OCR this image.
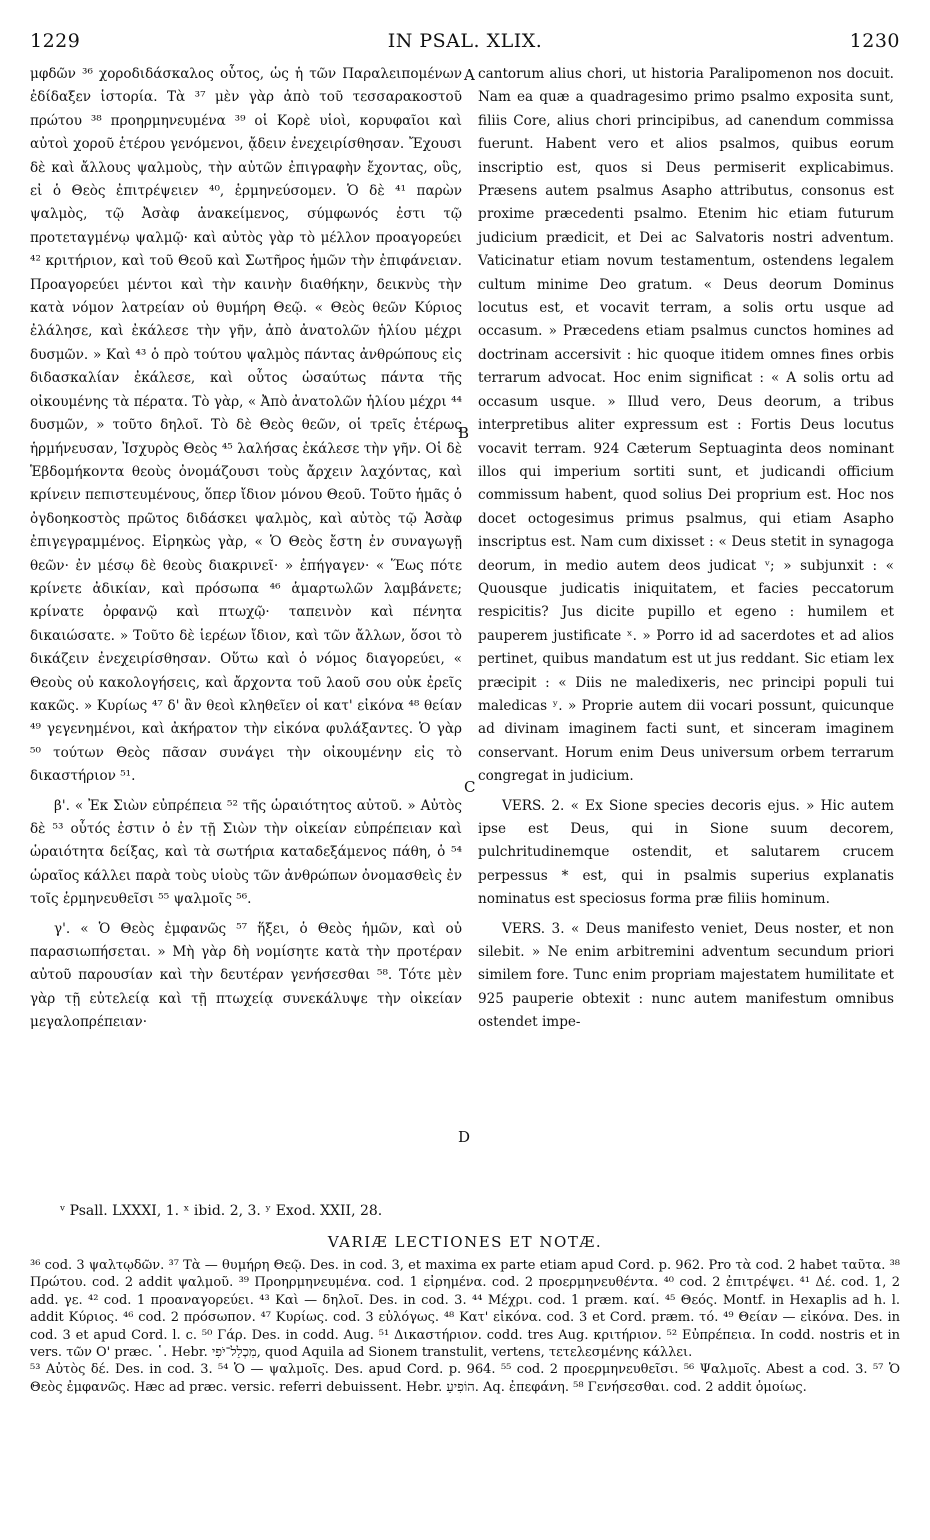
1229	IN PSAL. XLIX.	1230

μφδῶν ³⁶ χοροδιδάσκαλος οὗτος, ὡς ἡ τῶν Παραλειπομένων ἐδίδαξεν ἱστορία. Τὰ ³⁷ μὲν γὰρ ἀπὸ τοῦ τεσσαρακοστοῦ πρώτου ³⁸ προηρμηνευμένα ³⁹ οἱ Κορὲ υἱοὶ, κορυφαῖοι καὶ αὐτοὶ χοροῦ ἑτέρου γενόμενοι, ᾄδειν ἐνεχειρίσθησαν. Ἔχουσι δὲ καὶ ἄλλους ψαλμοὺς, τὴν αὐτῶν ἐπιγραφὴν ἔχοντας, οὓς, εἰ ὁ Θεὸς ἐπιτρέψειεν ⁴⁰, ἑρμηνεύσομεν. Ὁ δὲ ⁴¹ παρὼν ψαλμὸς, τῷ Ἀσὰφ ἀνακείμενος, σύμφωνός ἐστι τῷ προτεταγμένῳ ψαλμῷ· καὶ αὐτὸς γὰρ τὸ μέλλον προαγορεύει ⁴² κριτήριον, καὶ τοῦ Θεοῦ καὶ Σωτῆρος ἡμῶν τὴν ἐπιφάνειαν. Προαγορεύει μέντοι καὶ τὴν καινὴν διαθήκην, δεικνὺς τὴν κατὰ νόμον λατρείαν οὐ θυμήρη Θεῷ. « Θεὸς θεῶν Κύριος ἐλάλησε, καὶ ἐκάλεσε τὴν γῆν, ἀπὸ ἀνατολῶν ἡλίου μέχρι δυσμῶν. » Καὶ ⁴³ ὁ πρὸ τούτου ψαλμὸς πάντας ἀνθρώπους εἰς διδασκαλίαν ἐκάλεσε, καὶ οὗτος ὡσαύτως πάντα τῆς οἰκουμένης τὰ πέρατα. Τὸ γὰρ, « Ἀπὸ ἀνατολῶν ἡλίου μέχρι ⁴⁴ δυσμῶν, » τοῦτο δηλοῖ. Τὸ δὲ Θεὸς θεῶν, οἱ τρεῖς ἑτέρως ἡρμήνευσαν, Ἰσχυρὸς Θεὸς ⁴⁵ λαλήσας ἐκάλεσε τὴν γῆν. Οἱ δὲ Ἑβδομήκοντα θεοὺς ὀνομάζουσι τοὺς ἄρχειν λαχόντας, καὶ κρίνειν πεπιστευμένους, ὅπερ ἴδιον μόνου Θεοῦ. Τοῦτο ἡμᾶς ὁ ὀγδοηκοστὸς πρῶτος διδάσκει ψαλμὸς, καὶ αὐτὸς τῷ Ἀσὰφ ἐπιγεγραμμένος. Εἰρηκὼς γὰρ, « Ὁ Θεὸς ἔστη ἐν συναγωγῇ θεῶν· ἐν μέσῳ δὲ θεοὺς διακρινεῖ· » ἐπήγαγεν· « Ἕως πότε κρίνετε ἀδικίαν, καὶ πρόσωπα ⁴⁶ ἁμαρτωλῶν λαμβάνετε; κρίνατε ὀρφανῷ καὶ πτωχῷ· ταπεινὸν καὶ πένητα δικαιώσατε. » Τοῦτο δὲ ἱερέων ἴδιον, καὶ τῶν ἄλλων, ὅσοι τὸ δικάζειν ἐνεχειρίσθησαν. Οὕτω καὶ ὁ νόμος διαγορεύει, « Θεοὺς οὐ κακολογήσεις, καὶ ἄρχοντα τοῦ λαοῦ σου οὐκ ἐρεῖς κακῶς. » Κυρίως ⁴⁷ δ' ἂν θεοὶ κληθεῖεν οἱ κατ' εἰκόνα ⁴⁸ θείαν ⁴⁹ γεγενημένοι, καὶ ἀκήρατον τὴν εἰκόνα φυλάξαντες. Ὁ γὰρ ⁵⁰ τούτων Θεὸς πᾶσαν συνάγει τὴν οἰκουμένην εἰς τὸ δικαστήριον ⁵¹.

β'. « Ἐκ Σιὼν εὐπρέπεια ⁵² τῆς ὡραιότητος αὐτοῦ. » Αὐτὸς δὲ ⁵³ οὗτός ἐστιν ὁ ἐν τῇ Σιὼν τὴν οἰκείαν εὐπρέπειαν καὶ ὡραιότητα δείξας, καὶ τὰ σωτήρια καταδεξάμενος πάθη, ὁ ⁵⁴ ὡραῖος κάλλει παρὰ τοὺς υἱοὺς τῶν ἀνθρώπων ὀνομασθεὶς ἐν τοῖς ἑρμηνευθεῖσι ⁵⁵ ψαλμοῖς ⁵⁶.

γ'. « Ὁ Θεὸς ἐμφανῶς ⁵⁷ ἥξει, ὁ Θεὸς ἡμῶν, καὶ οὐ παρασιωπήσεται. » Μὴ γὰρ δὴ νομίσητε κατὰ τὴν προτέραν αὐτοῦ παρουσίαν καὶ τὴν δευτέραν γενήσεσθαι ⁵⁸. Τότε μὲν γὰρ τῇ εὐτελείᾳ καὶ τῇ πτωχείᾳ συνεκάλυψε τὴν οἰκείαν μεγαλοπρέπειαν·

A
B
C
D

cantorum alius chori, ut historia Paralipomenon nos docuit. Nam ea quæ a quadragesimo primo psalmo exposita sunt, filiis Core, alius chori principibus, ad canendum commissa fuerunt. Habent vero et alios psalmos, quibus eorum inscriptio est, quos si Deus permiserit explicabimus. Præsens autem psalmus Asapho attributus, consonus est proxime præcedenti psalmo. Etenim hic etiam futurum judicium prædicit, et Dei ac Salvatoris nostri adventum. Vaticinatur etiam novum testamentum, ostendens legalem cultum minime Deo gratum. « Deus deorum Dominus locutus est, et vocavit terram, a solis ortu usque ad occasum. » Præcedens etiam psalmus cunctos homines ad doctrinam accersivit : hic quoque itidem omnes fines orbis terrarum advocat. Hoc enim significat : « A solis ortu ad occasum usque. » Illud vero, Deus deorum, a tribus interpretibus aliter expressum est : Fortis Deus locutus vocavit terram. 924 Cæterum Septuaginta deos nominant illos qui imperium sortiti sunt, et judicandi officium commissum habent, quod solius Dei proprium est. Hoc nos docet octogesimus primus psalmus, qui etiam Asapho inscriptus est. Nam cum dixisset : « Deus stetit in synagoga deorum, in medio autem deos judicat ᵛ; » subjunxit : « Quousque judicatis iniquitatem, et facies peccatorum respicitis? Jus dicite pupillo et egeno : humilem et pauperem justificate ˣ. » Porro id ad sacerdotes et ad alios pertinet, quibus mandatum est ut jus reddant. Sic etiam lex præcipit : « Diis ne maledixeris, nec principi populi tui maledicas ʸ. » Proprie autem dii vocari possunt, quicunque ad divinam imaginem facti sunt, et sinceram imaginem conservant. Horum enim Deus universum orbem terrarum congregat in judicium.

VERS. 2. « Ex Sione species decoris ejus. » Hic autem ipse est Deus, qui in Sione suum decorem, pulchritudinemque ostendit, et salutarem crucem perpessus * est, qui in psalmis superius explanatis nominatus est speciosus forma præ filiis hominum.

VERS. 3. « Deus manifesto veniet, Deus noster, et non silebit. » Ne enim arbitremini adventum secundum priori similem fore. Tunc enim propriam majestatem humilitate et 925 pauperie obtexit : nunc autem manifestum omnibus ostendet impe-

ᵛ Psall. LXXXI, 1. ˣ ibid. 2, 3. ʸ Exod. XXII, 28.
VARIÆ LECTIONES ET NOTÆ.

³⁶ cod. 3 ψαλτῳδῶν. ³⁷ Τὰ — θυμήρη Θεῷ. Des. in cod. 3, et maxima ex parte etiam apud Cord. p. 962. Pro τὰ cod. 2 habet ταῦτα. ³⁸ Πρώτου. cod. 2 addit ψαλμοῦ. ³⁹ Προηρμηνευμένα. cod. 1 εἰρημένα. cod. 2 προερμηνευθέντα. ⁴⁰ cod. 2 ἐπιτρέψει. ⁴¹ Δέ. cod. 1, 2 add. γε. ⁴² cod. 1 προαναγορεύει. ⁴³ Καὶ — δηλοῖ. Des. in cod. 3. ⁴⁴ Μέχρι. cod. 1 præm. καί. ⁴⁵ Θεός. Montf. in Hexaplis ad h. l. addit Κύριος. ⁴⁶ cod. 2 πρόσωπον. ⁴⁷ Κυρίως. cod. 3 εὐλόγως. ⁴⁸ Κατ' εἰκόνα. cod. 3 et Cord. præm. τό. ⁴⁹ Θείαν — εἰκόνα. Des. in cod. 3 et apud Cord. l. c. ⁵⁰ Γάρ. Des. in codd. Aug. ⁵¹ Δικαστήριον. codd. tres Aug. κριτήριον. ⁵² Εὐπρέπεια. In codd. nostris et in vers. τῶν Ο' præc. ῾. Hebr. מִכְלַל־יֹפִי, quod Aquila ad Sionem transtulit, vertens, τετελεσμένης κάλλει.

⁵³ Αὐτὸς δέ. Des. in cod. 3. ⁵⁴ Ὁ — ψαλμοῖς. Des. apud Cord. p. 964. ⁵⁵ cod. 2 προερμηνευθεῖσι. ⁵⁶ Ψαλμοῖς. Abest a cod. 3. ⁵⁷ Ὁ Θεὸς ἐμφανῶς. Hæc ad præc. versic. referri debuissent. Hebr. הוֹפִיעַ. Aq. ἐπεφάνη. ⁵⁸ Γενήσεσθαι. cod. 2 addit ὁμοίως.
